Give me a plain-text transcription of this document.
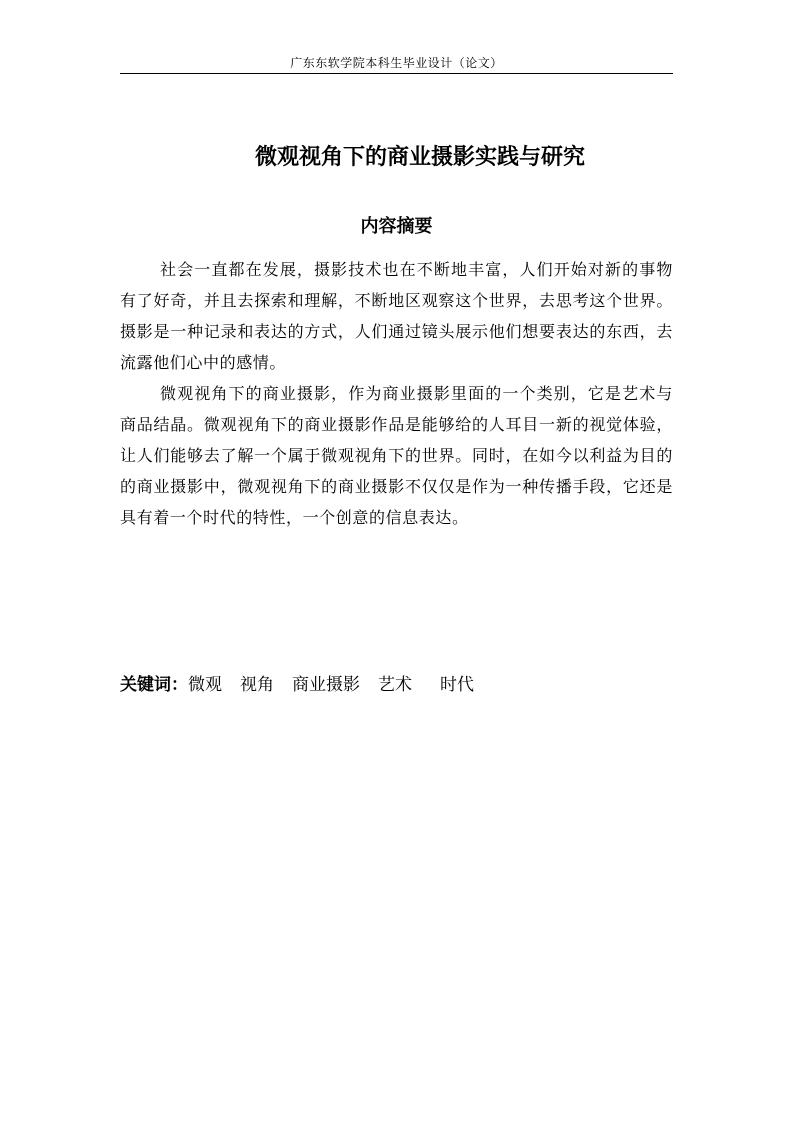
广东东软学院本科生毕业设计（论文）
微观视角下的商业摄影实践与研究
内容摘要

社会一直都在发展，摄影技术也在不断地丰富，人们开始对新的事物有了好奇，并且去探索和理解，不断地区观察这个世界，去思考这个世界。摄影是一种记录和表达的方式，人们通过镜头展示他们想要表达的东西，去流露他们心中的感情。

微观视角下的商业摄影，作为商业摄影里面的一个类别，它是艺术与商品结晶。微观视角下的商业摄影作品是能够给的人耳目一新的视觉体验，让人们能够去了解一个属于微观视角下的世界。同时，在如今以利益为目的的商业摄影中，微观视角下的商业摄影不仅仅是作为一种传播手段，它还是具有着一个时代的特性，一个创意的信息表达。

关键词：微观 视角 商业摄影 艺术 时代
